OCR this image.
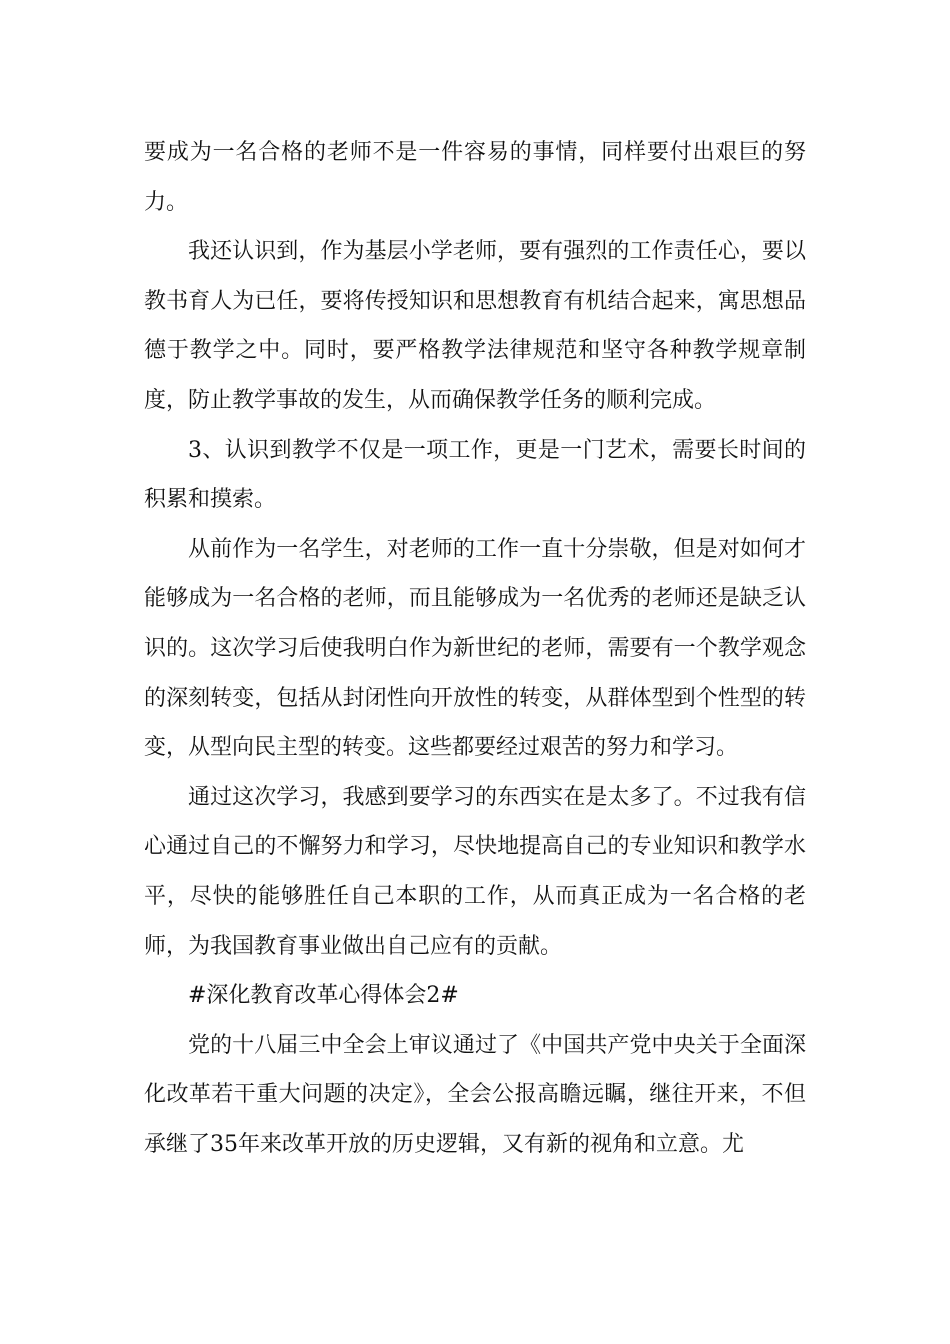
要成为一名合格的老师不是一件容易的事情，同样要付出艰巨的努力。

我还认识到，作为基层小学老师，要有强烈的工作责任心，要以教书育人为已任，要将传授知识和思想教育有机结合起来，寓思想品德于教学之中。同时，要严格教学法律规范和坚守各种教学规章制度，防止教学事故的发生，从而确保教学任务的顺利完成。

3、认识到教学不仅是一项工作，更是一门艺术，需要长时间的积累和摸索。

从前作为一名学生，对老师的工作一直十分崇敬，但是对如何才能够成为一名合格的老师，而且能够成为一名优秀的老师还是缺乏认识的。这次学习后使我明白作为新世纪的老师，需要有一个教学观念的深刻转变，包括从封闭性向开放性的转变，从群体型到个性型的转变，从型向民主型的转变。这些都要经过艰苦的努力和学习。

通过这次学习，我感到要学习的东西实在是太多了。不过我有信心通过自己的不懈努力和学习，尽快地提高自己的专业知识和教学水平，尽快的能够胜任自己本职的工作，从而真正成为一名合格的老师，为我国教育事业做出自己应有的贡献。

#深化教育改革心得体会2#

党的十八届三中全会上审议通过了《中国共产党中央关于全面深化改革若干重大问题的决定》，全会公报高瞻远瞩，继往开来，不但承继了35年来改革开放的历史逻辑，又有新的视角和立意。尤
